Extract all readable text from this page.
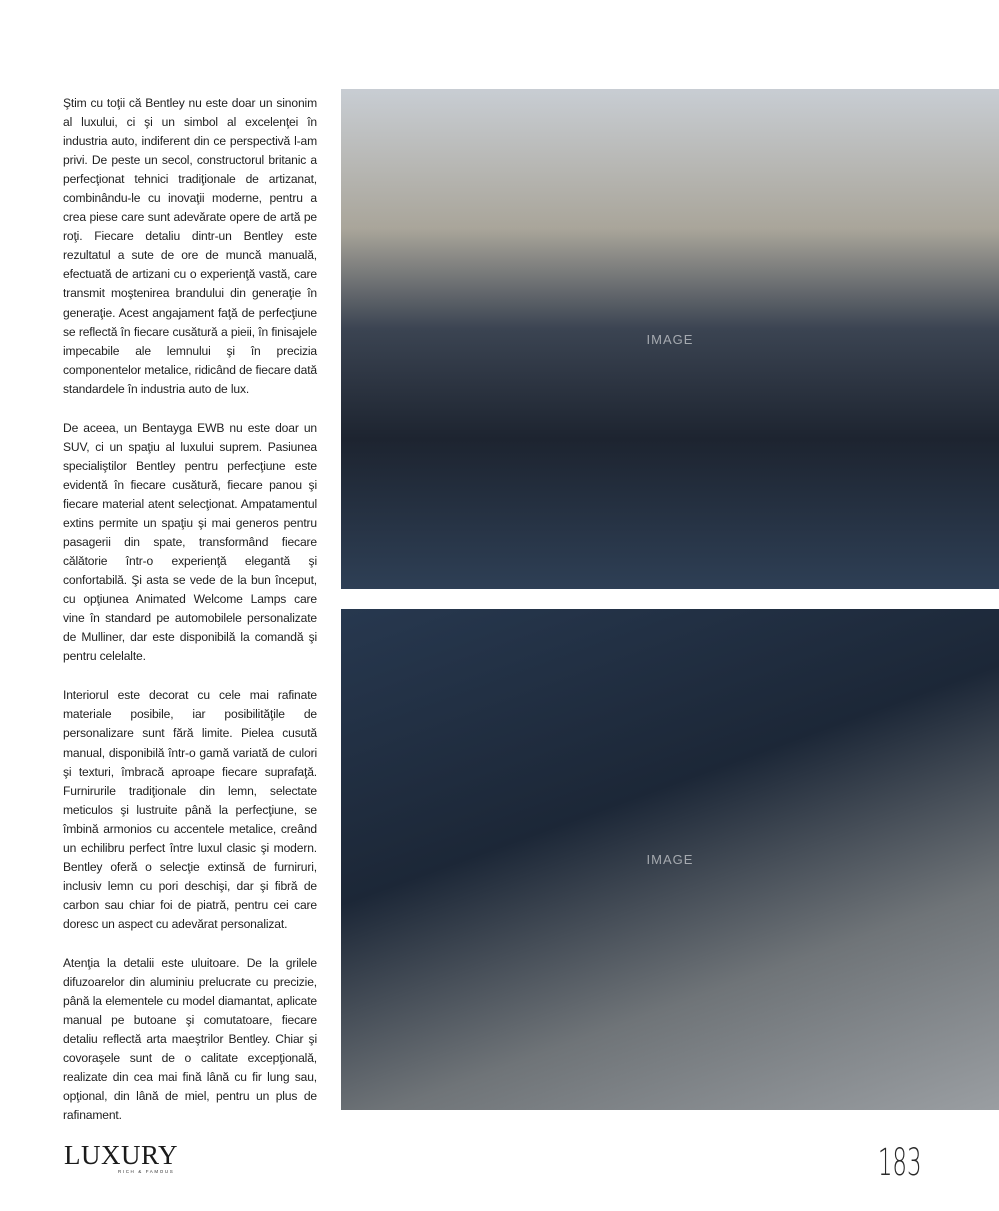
Ştim cu toţii că Bentley nu este doar un sinonim al luxului, ci şi un simbol al excelenţei în industria auto, indiferent din ce perspectivă l-am privi. De peste un secol, constructorul britanic a perfecţionat tehnici tradiţionale de artizanat, combinându-le cu inovaţii moderne, pentru a crea piese care sunt adevărate opere de artă pe roţi. Fiecare detaliu dintr-un Bentley este rezultatul a sute de ore de muncă manuală, efectuată de artizani cu o experienţă vastă, care transmit moştenirea brandului din generaţie în generaţie. Acest angajament faţă de perfecţiune se reflectă în fiecare cusătură a pieii, în finisajele impecabile ale lemnului şi în precizia componentelor metalice, ridicând de fiecare dată standardele în industria auto de lux.

De aceea, un Bentayga EWB nu este doar un SUV, ci un spaţiu al luxului suprem. Pasiunea specialiştilor Bentley pentru perfecţiune este evidentă în fiecare cusătură, fiecare panou şi fiecare material atent selecţionat. Ampatamentul extins permite un spaţiu şi mai generos pentru pasagerii din spate, transformând fiecare călătorie într-o experienţă elegantă şi confortabilă. Şi asta se vede de la bun început, cu opţiunea Animated Welcome Lamps care vine în standard pe automobilele personalizate de Mulliner, dar este disponibilă la comandă şi pentru celelalte.

Interiorul este decorat cu cele mai rafinate materiale posibile, iar posibilităţile de personalizare sunt fără limite. Pielea cusută manual, disponibilă într-o gamă variată de culori şi texturi, îmbracă aproape fiecare suprafaţă. Furnirurile tradiţionale din lemn, selectate meticulos şi lustruite până la perfecţiune, se îmbină armonios cu accentele metalice, creând un echilibru perfect între luxul clasic şi modern. Bentley oferă o selecţie extinsă de furniruri, inclusiv lemn cu pori deschişi, dar şi fibră de carbon sau chiar foi de piatră, pentru cei care doresc un aspect cu adevărat personalizat.

Atenţia la detalii este uluitoare. De la grilele difuzoarelor din aluminiu prelucrate cu precizie, până la elementele cu model diamantat, aplicate manual pe butoane şi comutatoare, fiecare detaliu reflectă arta maeştrilor Bentley. Chiar şi covoraşele sunt de o calitate excepţională, realizate din cea mai fină lână cu fir lung sau, opţional, din lână de miel, pentru un plus de rafinament.

IMAGE
IMAGE
LUXURY
RICH & FAMOUS	183
